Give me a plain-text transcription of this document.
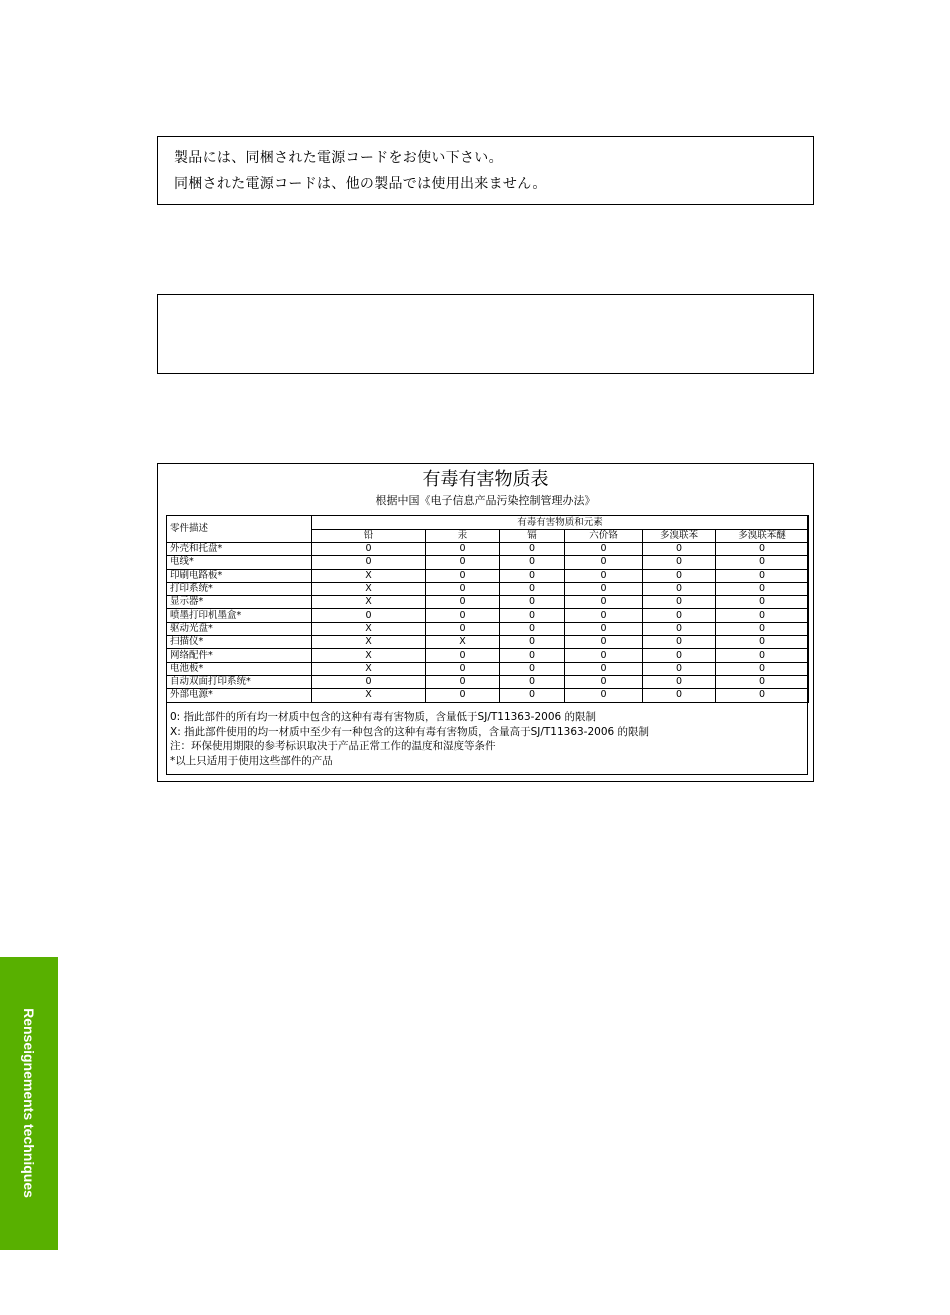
製品には、同梱された電源コードをお使い下さい。
同梱された電源コードは、他の製品では使用出来ません。
有毒有害物质表
根据中国《电子信息产品污染控制管理办法》
零件描述	有毒有害物质和元素					
	铅	汞	镉	六价铬	多溴联苯	多溴联苯醚
外壳和托盘*	0	0	0	0	0	0
电线*	0	0	0	0	0	0
印刷电路板*	X	0	0	0	0	0
打印系统*	X	0	0	0	0	0
显示器*	X	0	0	0	0	0
喷墨打印机墨盒*	0	0	0	0	0	0
驱动光盘*	X	0	0	0	0	0
扫描仪*	X	X	0	0	0	0
网络配件*	X	0	0	0	0	0
电池板*	X	0	0	0	0	0
自动双面打印系统*	0	0	0	0	0	0
外部电源*	X	0	0	0	0	0
0: 指此部件的所有均一材质中包含的这种有毒有害物质，含量低于SJ/T11363-2006 的限制
X: 指此部件使用的均一材质中至少有一种包含的这种有毒有害物质，含量高于SJ/T11363-2006 的限制
注：环保使用期限的参考标识取决于产品正常工作的温度和湿度等条件
*以上只适用于使用这些部件的产品
Renseignements techniques
